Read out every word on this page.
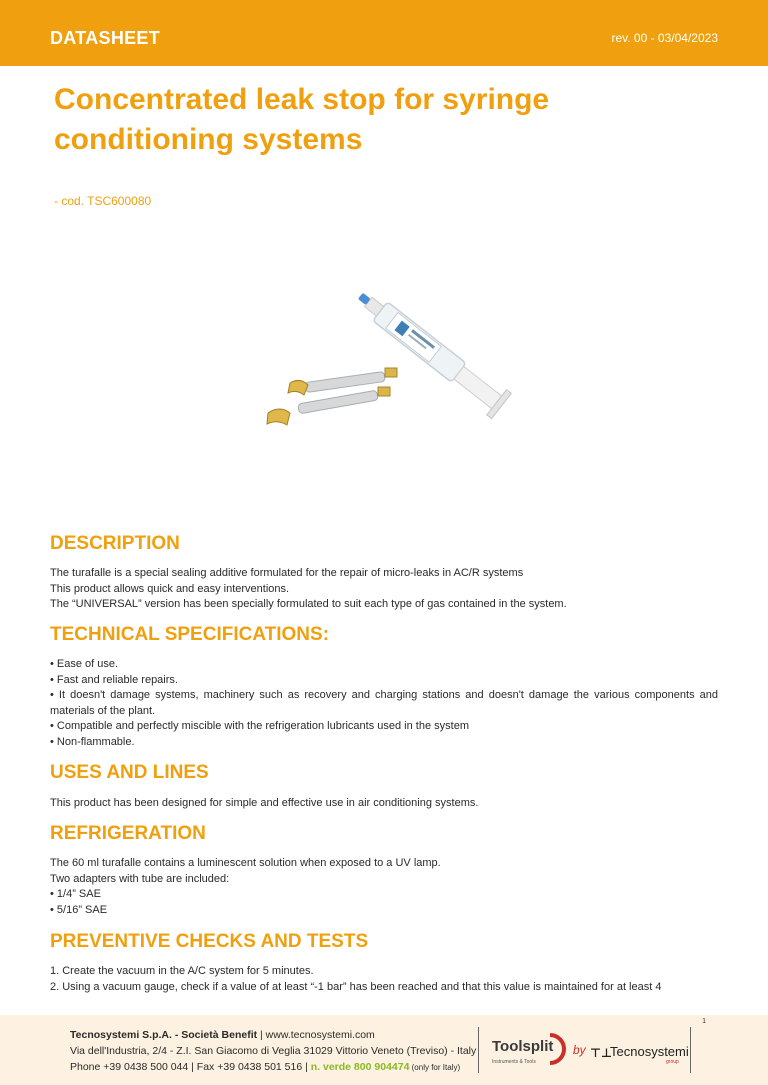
DATASHEET	rev. 00 - 03/04/2023
Concentrated leak stop for syringe
conditioning systems
- cod. TSC600080
DESCRIPTION

The turafalle is a special sealing additive formulated for the repair of micro-leaks in AC/R systems

This product allows quick and easy interventions.

The “UNIVERSAL” version has been specially formulated to suit each type of gas contained in the system.

TECHNICAL SPECIFICATIONS:

• Ease of use.

• Fast and reliable repairs.

• It doesn't damage systems, machinery such as recovery and charging stations and doesn't damage the various components and materials of the plant.

• Compatible and perfectly miscible with the refrigeration lubricants used in the system

• Non-flammable.

USES AND LINES
This product has been designed for simple and effective use in air conditioning systems.
REFRIGERATION

The 60 ml turafalle contains a luminescent solution when exposed to a UV lamp.

Two adapters with tube are included:

• 1/4” SAE

• 5/16” SAE

PREVENTIVE CHECKS AND TESTS

1. Create the vacuum in the A/C system for 5 minutes.

2. Using a vacuum gauge, check if a value of at least “-1 bar” has been reached and that this value is maintained for at least 4

1
Tecnosystemi S.p.A. - Società Benefit | www.tecnosystemi.com
Via dell'Industria, 2/4 - Z.I. San Giacomo di Veglia 31029 Vittorio Veneto (Treviso) - Italy
Phone +39 0438 500 044 | Fax +39 0438 501 516 | n. verde 800 904474 (only for Italy)
Toolsplit
Instruments & Tools
by ⊤⊥
Tecnosystemi
group
